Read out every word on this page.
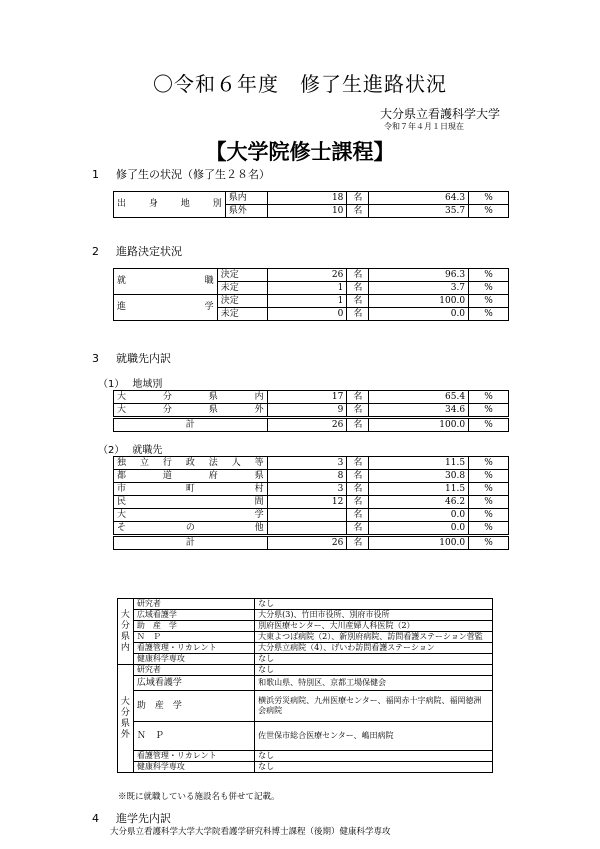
〇令和６年度　修了生進路状況
大分県立看護科学大学
令和７年４月１日現在
【大学院修士課程】
1 修了生の状況（修了生２８名）
出身地別	県内	18	名	64.3	%
	県外	10	名	35.7	%
2 進路決定状況
就職	決定	26	名	96.3	%
	未定	1	名	3.7	%
進学	決定	1	名	100.0	%
	未定	0	名	0.0	%
3 就職先内訳
（1） 地域別
大分県内	17	名	65.4	%
大分県外	9	名	34.6	%
計	26	名	100.0	%
（2） 就職先
独立行政法人等	3	名	11.5	%
都道府県	8	名	30.8	%
市町村	3	名	11.5	%
民間	12	名	46.2	%
大学		名	0.0	%
その他		名	0.0	%
計	26	名	100.0	%
大
分
県
内	研究者	なし
	広域看護学	大分県(3)、竹田市役所、別府市役所
	助　産　学	別府医療センター、大川産婦人科医院（2）
	Ｎ　Ｐ	大東よつば病院（2）、新別府病院、訪問看護ステーション菅監
	看護管理・リカレント	大分県立病院（4）、げいわ訪問看護ステーション
	健康科学専攻	なし

大
分
県
外	研究者	なし
	広域看護学	和歌山県、特別区、京都工場保健会
	助　産　学	横浜労災病院、九州医療センター、福岡赤十字病院、福岡徳洲会病院
	Ｎ　Ｐ	佐世保市総合医療センター、嶋田病院
	看護管理・リカレント	なし
	健康科学専攻	なし
※既に就職している施設名も併せて記載。
4 進学先内訳
大分県立看護科学大学大学院看護学研究科博士課程（後期）健康科学専攻
